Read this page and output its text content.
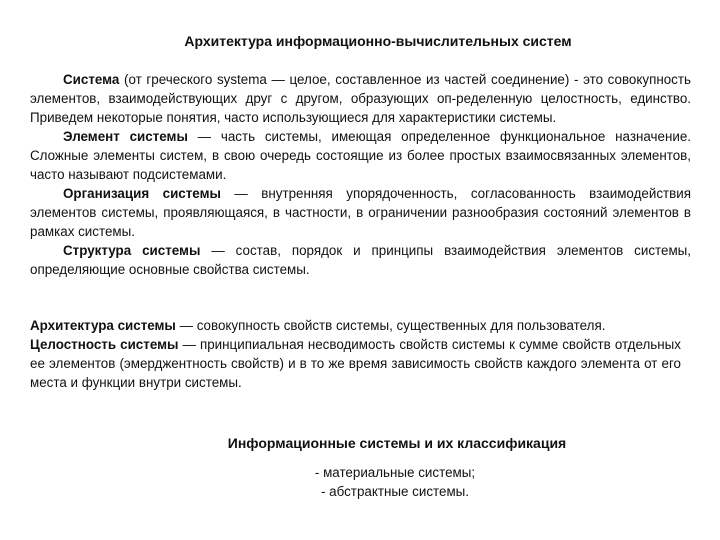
Архитектура информационно-вычислительных систем

Система (от греческого systema — целое, составленное из частей соединение) - это совокупность элементов, взаимодействующих друг с другом, образующих оп-ределенную целостность, единство. Приведем некоторые понятия, часто использующиеся для характеристики системы.

Элемент системы — часть системы, имеющая определенное функциональное назначение. Сложные элементы систем, в свою очередь состоящие из более простых взаимосвязанных элементов, часто называют подсистемами.

Организация системы — внутренняя упорядоченность, согласованность взаимодействия элементов системы, проявляющаяся, в частности, в ограничении разнообразия состояний элементов в рамках системы.

Структура системы — состав, порядок и принципы взаимодействия элементов системы, определяющие основные свойства системы.

Архитектура системы — совокупность свойств системы, существенных для пользователя.

Целостность системы — принципиальная несводимость свойств системы к сумме свойств отдельных ее элементов (эмерджентность свойств) и в то же время зависимость свойств каждого элемента от его места и функции внутри системы.

Информационные системы и их классификация
- материальные системы;
- абстрактные системы.
